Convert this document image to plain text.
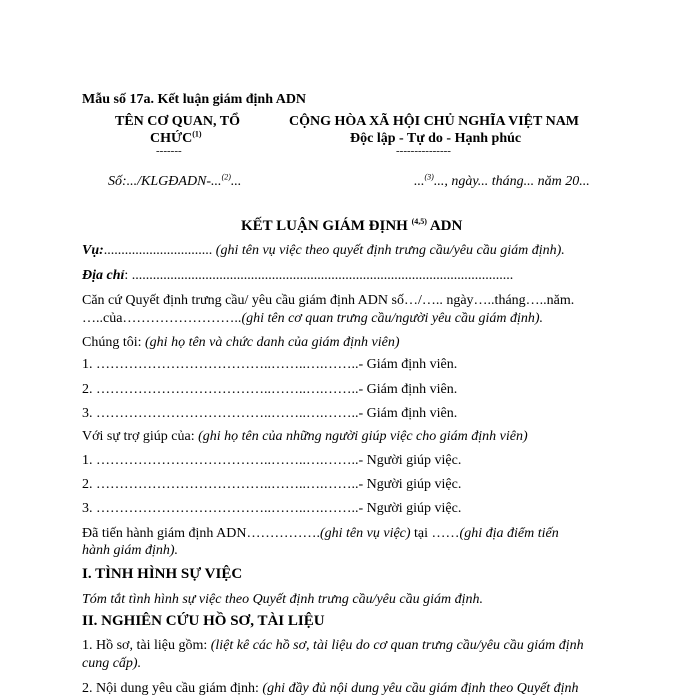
Mẫu số 17a. Kết luận giám định ADN
TÊN CƠ QUAN, TỔ
CHỨC$^{(1)}$
-------
Số:.../KLGĐADN-...$^{(2)}$...
CỘNG HÒA XÃ HỘI CHỦ NGHĨA VIỆT NAM
Độc lập - Tự do - Hạnh phúc
---------------
...$^{(3)}$..., ngày... tháng... năm 20...
KẾT LUẬN GIÁM ĐỊNH $^{(4,5)}$ ADN
Vụ:............................... (ghi tên vụ việc theo quyết định trưng cầu/yêu cầu giám định).
Địa chỉ: .............................................................................................................
Căn cứ Quyết định trưng cầu/ yêu cầu giám định ADN số…/….. ngày…..tháng…..năm.
…..của……………………..(ghi tên cơ quan trưng cầu/người yêu cầu giám định).
Chúng tôi: (ghi họ tên và chức danh của giám định viên)
1. ………………………………..……..….……..- Giám định viên.
2. ………………………………..……..….……..- Giám định viên.
3. ………………………………..……..….……..- Giám định viên.
Với sự trợ giúp của: (ghi họ tên của những người giúp việc cho giám định viên)
1. ………………………………..……..….……..- Người giúp việc.
2. ………………………………..……..….……..- Người giúp việc.
3. ………………………………..……..….……..- Người giúp việc.
Đã tiến hành giám định ADN…………….(ghi tên vụ việc) tại ……(ghi địa điểm tiến
hành giám định).
I. TÌNH HÌNH SỰ VIỆC
Tóm tắt tình hình sự việc theo Quyết định trưng cầu/yêu cầu giám định.
II. NGHIÊN CỨU HỒ SƠ, TÀI LIỆU
1. Hồ sơ, tài liệu gồm: (liệt kê các hồ sơ, tài liệu do cơ quan trưng cầu/yêu cầu giám định
cung cấp).
2. Nội dung yêu cầu giám định: (ghi đầy đủ nội dung yêu cầu giám định theo Quyết định
